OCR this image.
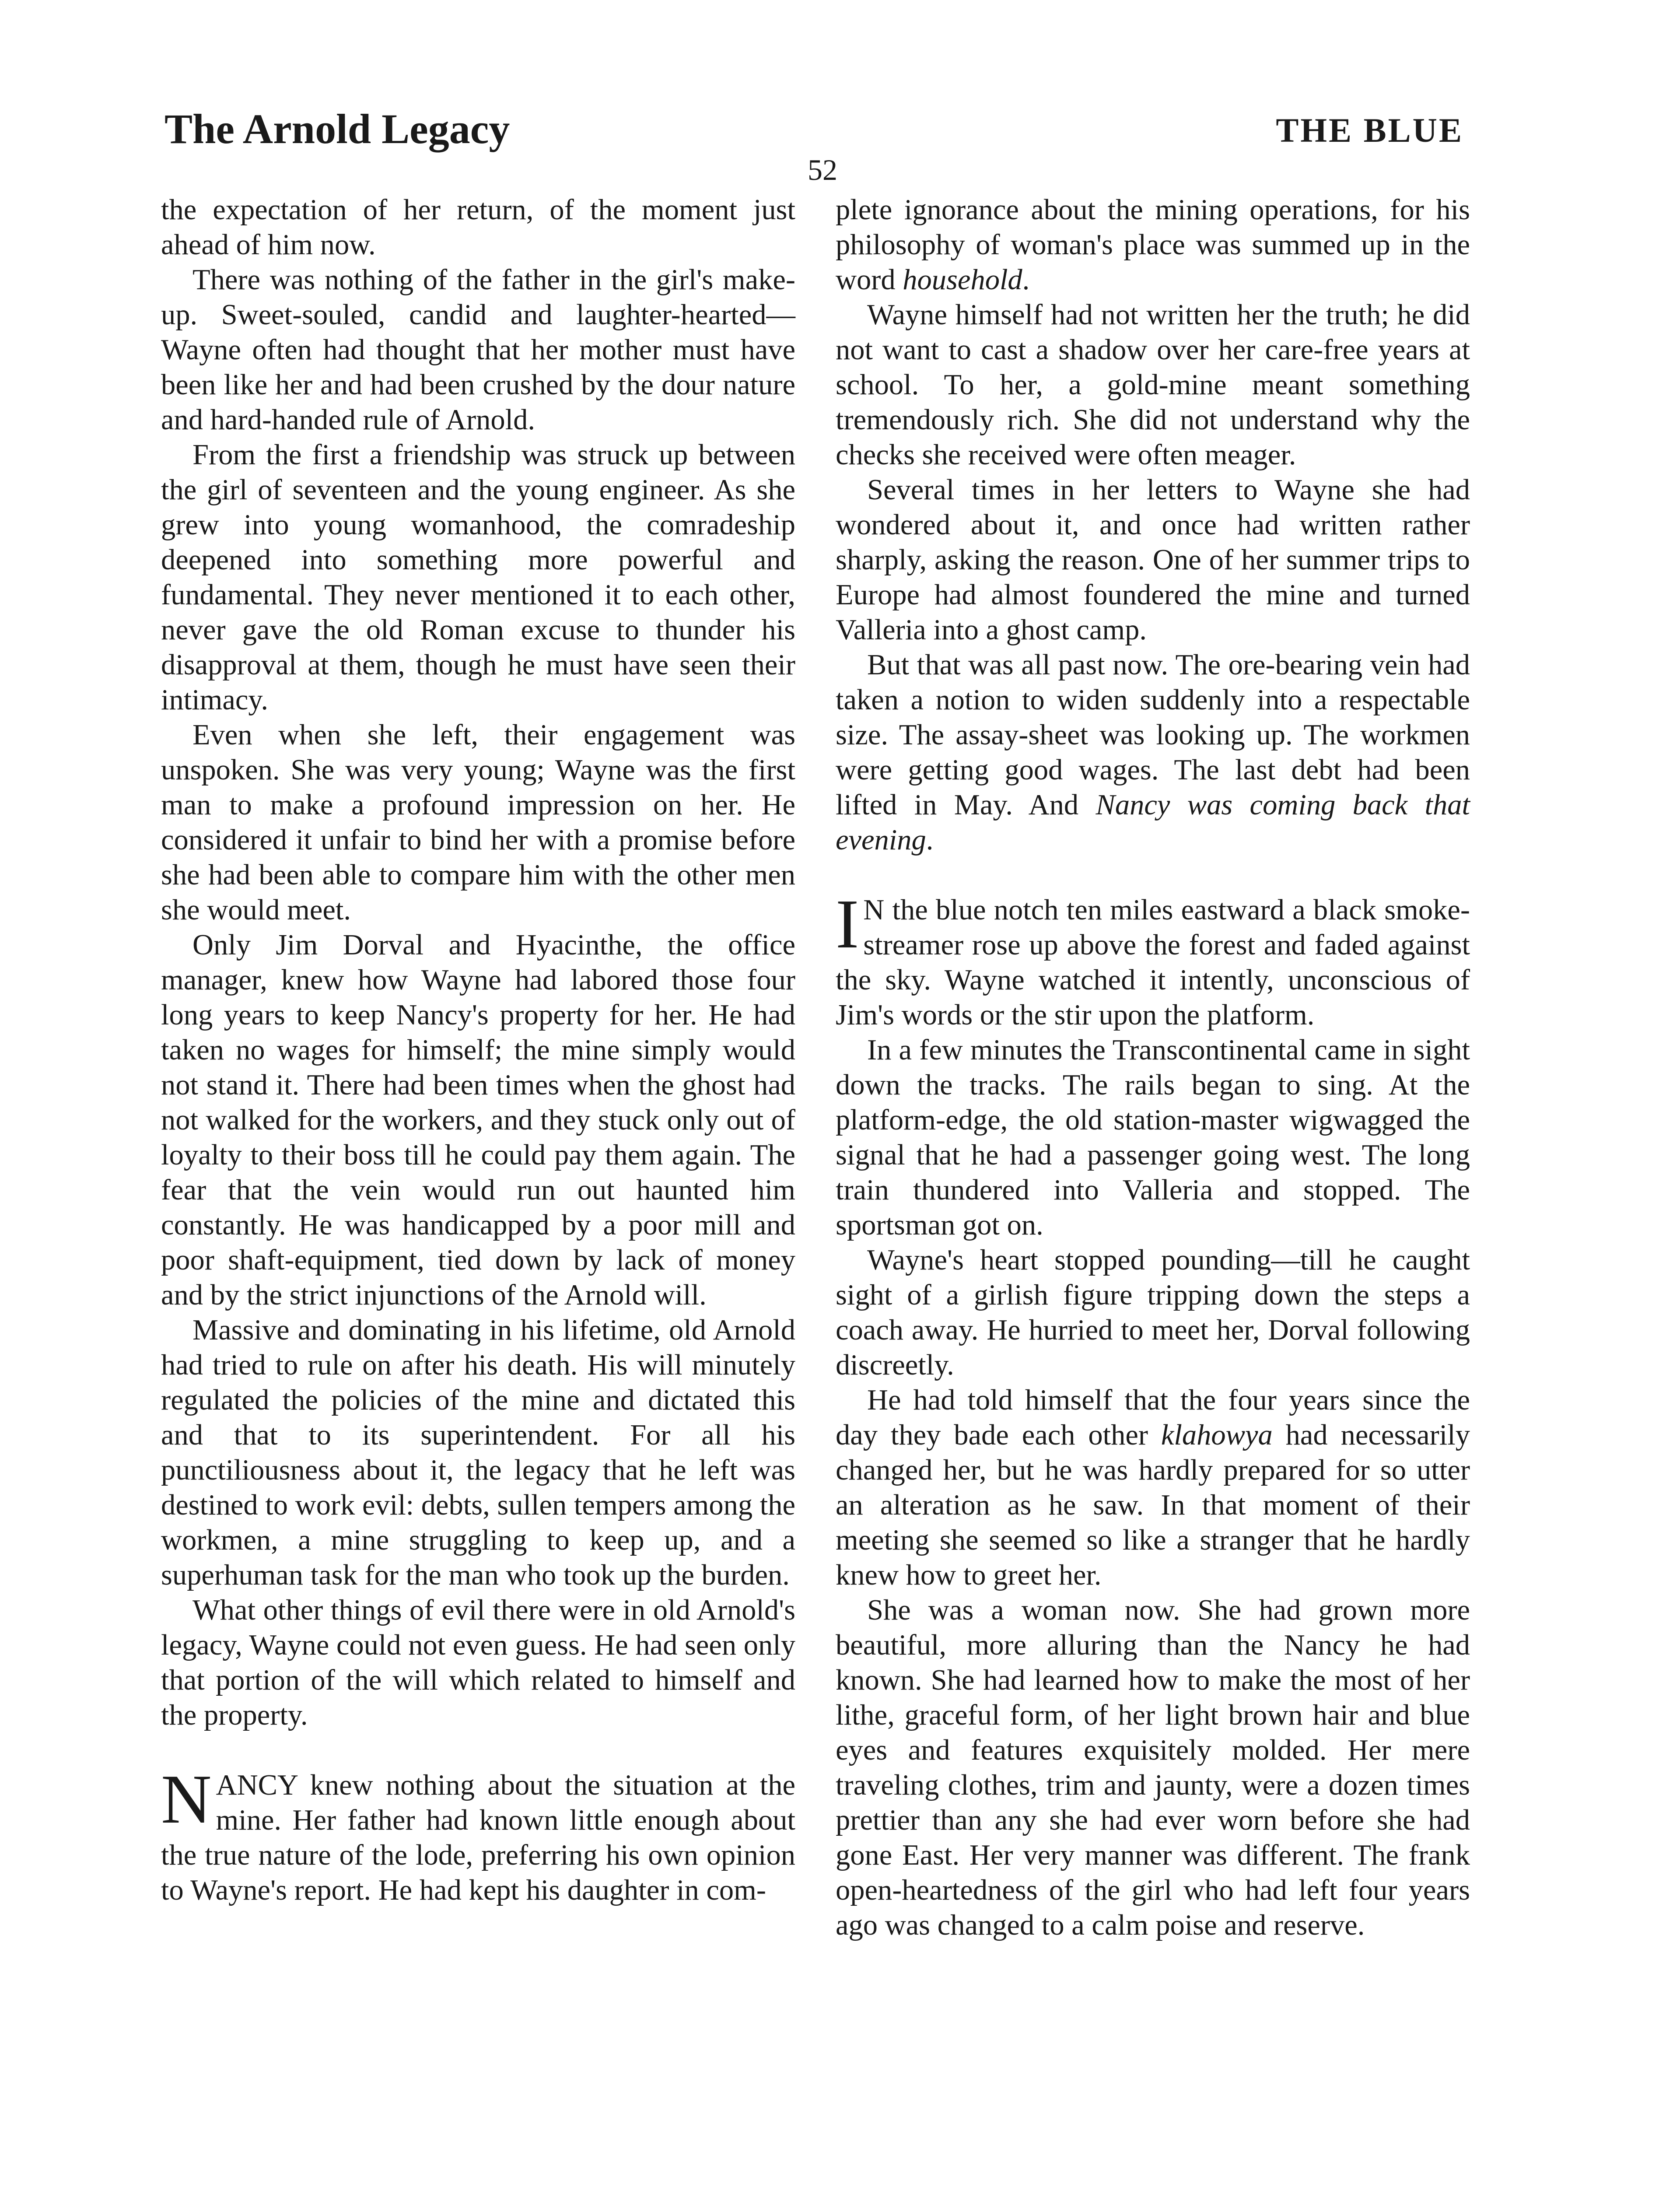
The Arnold Legacy	THE BLUE
52

the expectation of her return, of the moment just ahead of him now.

There was nothing of the father in the girl's make-up. Sweet-souled, candid and laughter-hearted—Wayne often had thought that her mother must have been like her and had been crushed by the dour nature and hard-handed rule of Arnold.

From the first a friendship was struck up between the girl of seventeen and the young engineer. As she grew into young womanhood, the comradeship deepened into something more powerful and fundamental. They never mentioned it to each other, never gave the old Roman excuse to thunder his disapproval at them, though he must have seen their intimacy.

Even when she left, their engagement was unspoken. She was very young; Wayne was the first man to make a profound impression on her. He considered it unfair to bind her with a promise before she had been able to compare him with the other men she would meet.

Only Jim Dorval and Hyacinthe, the office manager, knew how Wayne had labored those four long years to keep Nancy's property for her. He had taken no wages for himself; the mine simply would not stand it. There had been times when the ghost had not walked for the workers, and they stuck only out of loyalty to their boss till he could pay them again. The fear that the vein would run out haunted him constantly. He was handicapped by a poor mill and poor shaft-equipment, tied down by lack of money and by the strict injunctions of the Arnold will.

Massive and dominating in his lifetime, old Arnold had tried to rule on after his death. His will minutely regulated the policies of the mine and dictated this and that to its superintendent. For all his punctiliousness about it, the legacy that he left was destined to work evil: debts, sullen tempers among the workmen, a mine struggling to keep up, and a superhuman task for the man who took up the burden.

What other things of evil there were in old Arnold's legacy, Wayne could not even guess. He had seen only that portion of the will which related to himself and the property.

NANCY knew nothing about the situation at the mine. Her father had known little enough about the true nature of the lode, preferring his own opinion to Wayne's report. He had kept his daughter in com-

plete ignorance about the mining operations, for his philosophy of woman's place was summed up in the word household.

Wayne himself had not written her the truth; he did not want to cast a shadow over her care-free years at school. To her, a gold-mine meant something tremendously rich. She did not understand why the checks she received were often meager.

Several times in her letters to Wayne she had wondered about it, and once had written rather sharply, asking the reason. One of her summer trips to Europe had almost foundered the mine and turned Valleria into a ghost camp.

But that was all past now. The ore-bearing vein had taken a notion to widen suddenly into a respectable size. The assay-sheet was looking up. The workmen were getting good wages. The last debt had been lifted in May. And Nancy was coming back that evening.

I N the blue notch ten miles eastward a black smoke-streamer rose up above the forest and faded against the sky. Wayne watched it intently, unconscious of Jim's words or the stir upon the platform.

In a few minutes the Transcontinental came in sight down the tracks. The rails began to sing. At the platform-edge, the old station-master wigwagged the signal that he had a passenger going west. The long train thundered into Valleria and stopped. The sportsman got on.

Wayne's heart stopped pounding—till he caught sight of a girlish figure tripping down the steps a coach away. He hurried to meet her, Dorval following discreetly.

He had told himself that the four years since the day they bade each other klahowya had necessarily changed her, but he was hardly prepared for so utter an alteration as he saw. In that moment of their meeting she seemed so like a stranger that he hardly knew how to greet her.

She was a woman now. She had grown more beautiful, more alluring than the Nancy he had known. She had learned how to make the most of her lithe, graceful form, of her light brown hair and blue eyes and features exquisitely molded. Her mere traveling clothes, trim and jaunty, were a dozen times prettier than any she had ever worn before she had gone East. Her very manner was different. The frank open-heartedness of the girl who had left four years ago was changed to a calm poise and reserve.
